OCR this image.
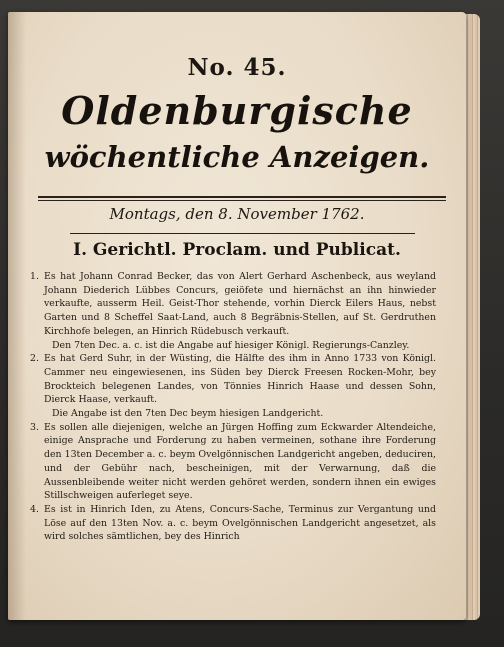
No. 45.
Oldenburgische
wöchentliche Anzeigen.
Montags, den 8. November 1762.
I. Gerichtl. Proclam. und Publicat.
1. Es hat Johann Conrad Becker, das von Alert Gerhard Aschenbeck, aus weyland Johann Diederich Lübbes Concurs, geiöfete und hiernächst an ihn hinwieder verkaufte, ausserm Heil. Geist-Thor stehende, vorhin Dierck Eilers Haus, nebst Garten und 8 Scheffel Saat-Land, auch 8 Begräbnis-Stellen, auf St. Gerdruthen Kirchhofe belegen, an Hinrich Rüdebusch verkauft.
Den 7ten Dec. a. c. ist die Angabe auf hiesiger Königl. Regierungs-Canzley.
2. Es hat Gerd Suhr, in der Wüsting, die Hälfte des ihm in Anno 1733 von Königl. Cammer neu eingewiesenen, ins Süden bey Dierck Freesen Rocken-Mohr, bey Brockteich belegenen Landes, von Tönnies Hinrich Haase und dessen Sohn, Dierck Haase, verkauft.
Die Angabe ist den 7ten Dec beym hiesigen Landgericht.
3. Es sollen alle diejenigen, welche an Jürgen Hoffing zum Eckwarder Altendeiche, einige Ansprache und Forderung zu haben vermeinen, sothane ihre Forderung den 13ten December a. c. beym Ovelgönnischen Landgericht angeben, deduciren, und der Gebühr nach, bescheinigen, mit der Verwarnung, daß die Aussenbleibende weiter nicht werden gehöret werden, sondern ihnen ein ewiges Stillschweigen auferleget seye.
4. Es ist in Hinrich Iden, zu Atens, Concurs-Sache, Terminus zur Vergantung und Löse auf den 13ten Nov. a. c. beym Ovelgönnischen Landgericht angesetzet, als wird solches sämtlichen, bey des Hinrich
